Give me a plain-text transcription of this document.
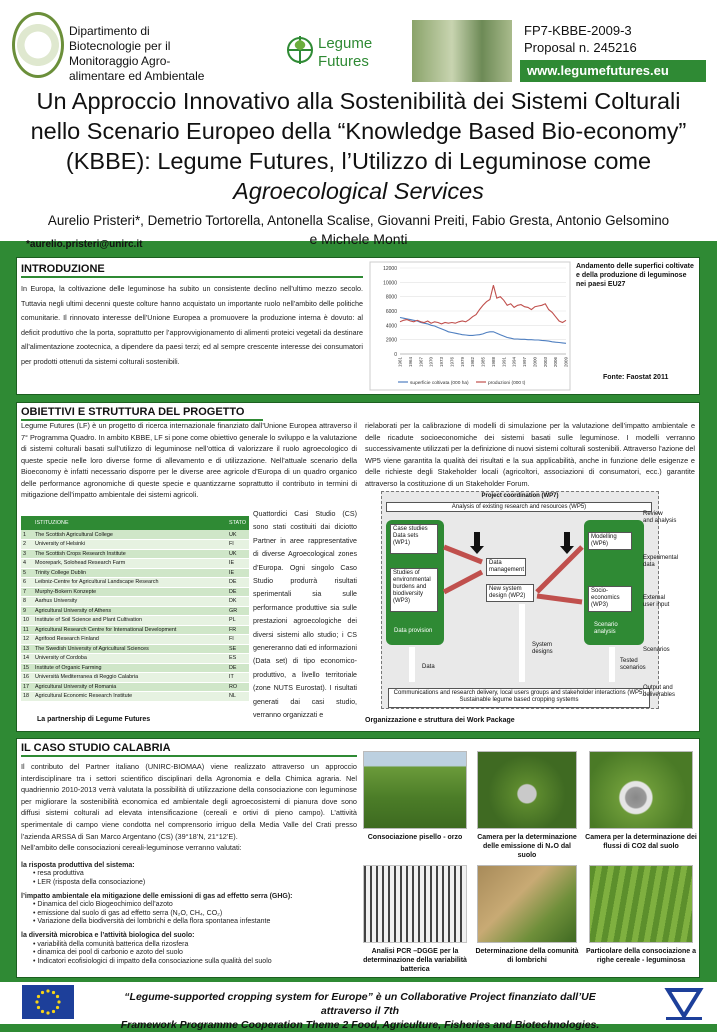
Dipartimento di
Biotecnologie per il
Monitoraggio Agro-
alimentare ed Ambientale
Legume
Futures
FP7-KBBE-2009-3
Proposal n. 245216
www.legumefutures.eu
Un Approccio Innovativo alla Sostenibilità dei Sistemi Colturali
nello Scenario Europeo della “Knowledge Based Bio-economy”
(KBBE): Legume Futures, l’Utilizzo di Leguminose come
Agroecological Services
Aurelio Pristeri*, Demetrio Tortorella, Antonella Scalise, Giovanni Preiti, Fabio Gresta, Antonio Gelsomino
e Michele Monti
*aurelio.pristeri@unirc.it
INTRODUZIONE
In Europa, la coltivazione delle leguminose ha subito un consistente declino nell’ultimo mezzo secolo. Tuttavia negli ultimi decenni queste colture hanno acquistato un importante ruolo nell’ambito delle politiche comunitarie. Il rinnovato interesse dell’Unione Europea a promuovere la produzione interna è dovuto: al deficit produttivo che la porta, soprattutto per l’approvvigionamento di alimenti proteici vegetali da destinare all’alimentazione zootecnica, a dipendere da paesi terzi; ed al sempre crescente interesse dei consumatori per prodotti ottenuti da sistemi colturali sostenibili.
0
2000
4000
6000
8000
10000
12000
1961 1964 1967 1970 1973 1976 1979 1982 1985 1988 1991 1994 1997 2000 2003 2006 2009
superficie coltivata (000 ha)	produzioni (000 t)
Andamento delle superfici coltivate e della produzione di leguminose nei paesi EU27
Fonte: Faostat 2011
OBIETTIVI E STRUTTURA DEL PROGETTO
Legume Futures (LF) è un progetto di ricerca internazionale finanziato dall’Unione Europea attraverso il 7° Programma Quadro. In ambito KBBE, LF si pone come obiettivo generale lo sviluppo e la valutazione di sistemi colturali basati sull’utilizzo di leguminose nell’ottica di valorizzare il ruolo agroecologico di queste specie nelle loro diverse forme di allevamento e di utilizzazione. Nell’attuale scenario della Bioeconomy è infatti necessario disporre per le diverse aree agricole d’Europa di un quadro organico delle performance agronomiche di queste specie e quantizzarne soprattutto il contributo in termini di mitigazione dell’impatto ambientale dei sistemi agricoli.
	ISTITUZIONE	STATO
1	The Scottish Agricultural College	UK
2	University of Helsinki	FI
3	The Scottish Crops Research Institute	UK
4	Moorepark, Solohead Research Farm	IE
5	Trinity College Dublin	IE
6	Leibniz-Centre for Agricultural Landscape Research	DE
7	Murphy-Bokern Konzepte	DE
8	Aarhus University	DK
9	Agricultural University of Athens	GR
10	Institute of Soil Science and Plant Cultivation	PL
11	Agricultural Research Centre for International Development	FR
12	Agrifood Research Finland	FI
13	The Swedish University of Agricultural Sciences	SE
14	University of Cordoba	ES
15	Institute of Organic Farming	DE
16	Università Mediterranea di Reggio Calabria	IT
17	Agricultural University of Romania	RO
18	Agricultural Economic Research Institute	NL
La partnership di Legume Futures
Quattordici Casi Studio (CS) sono stati costituiti dai diciotto Partner in aree rappresentative di diverse Agroecological zones d’Europa. Ogni singolo Caso Studio produrrà risultati sperimentali sia sulle performance produttive sia sulle prestazioni agroecologiche dei diversi sistemi allo studio; i CS genereranno dati ed informazioni (Data set) di tipo economico-produttivo, a livello territoriale (zone NUTS Eurostat). I risultati generati dai casi studio, verranno organizzati e
rielaborati per la calibrazione di modelli di simulazione per la valutazione dell’impatto ambientale e delle ricadute socioeconomiche dei sistemi basati sulle leguminose. I modelli verranno successivamente utilizzati per la definizione di nuovi sistemi colturali sostenibili. Attraverso l’azione del WP5 viene garantita la qualità dei risultati e la sua applicabilità, anche in funzione delle esigenze e delle richieste degli Stakeholder locali (agricoltori, associazioni di consumatori, ecc.) garantite attraverso la costituzione di un Stakeholder Forum.
Project coordination (WP7)
Analysis of existing research and resources (WP5)
Case studies
Data sets
(WP1)
Studies of
environmental
burdens and
biodiversity
(WP3)
Data provision
Data
management
New system
design (WP2)
Modelling
(WP6)
Socio-
economics
(WP3)
Scenario
analysis
Data
System
designs
Tested
scenarios
Communications and research delivery, local users groups and stakeholder interactions (WP5)
Sustainable legume based cropping systems
Review
and analysis
Experimental
data
External
user input
Scenarios
Output and
deliverables
Organizzazione e struttura dei Work Package
IL CASO STUDIO CALABRIA
Il contributo del Partner italiano (UNIRC-BIOMAA) viene realizzato attraverso un approccio interdisciplinare tra i settori scientifico disciplinari della Agronomia e della Chimica agraria. Nel quadriennio 2010-2013 verrà valutata la possibilità di utilizzazione della consociazione con leguminose per migliorare la sostenibilità economica ed ambientale degli agroecosistemi di pianura dove sono diffusi sistemi colturali ad elevata intensificazione (cereali e ortivi di pieno campo). L’attività sperimentale di campo viene condotta nel comprensorio irriguo della Media Valle del Crati presso l’azienda ARSSA di San Marco Argentano (CS) (39°18’N, 21°12’E).
Nell’ambito delle consociazioni cereali-leguminose verranno valutati:
la risposta produttiva del sistema:
• resa produttiva
• LER (risposta della consociazione)
l’impatto ambientale ela mitigazione delle emissioni di gas ad effetto serra (GHG):
• Dinamica del ciclo Biogeochimico dell’azoto
• emissione dal suolo di gas ad effetto serra (N₂O, CH₄, CO₂)
• Variazione della biodiversità dei lombrichi e della flora spontanea infestante
la diversità microbica e l’attività biologica del suolo:
• variabilità della comunità batterica della rizosfera
• dinamica dei pool di carbonio e azoto del suolo
• Indicatori ecofisiologici di impatto della consociazione sulla qualità del suolo
Consociazione pisello - orzo	Camera per la determinazione delle emissione di N₂O dal suolo
Camera per la determinazione dei flussi di CO2 dal suolo
Analisi PCR –DGGE per la determinazione della variabilità batterica
Determinazione della comunità di lombrichi
Particolare della consociazione a righe cereale - leguminosa
“Legume-supported cropping system for Europe” è un Collaborative Project finanziato dall’UE attraverso il 7th
Framework Programme Cooperation Theme 2 Food, Agriculture, Fisheries and Biotechnologies.
